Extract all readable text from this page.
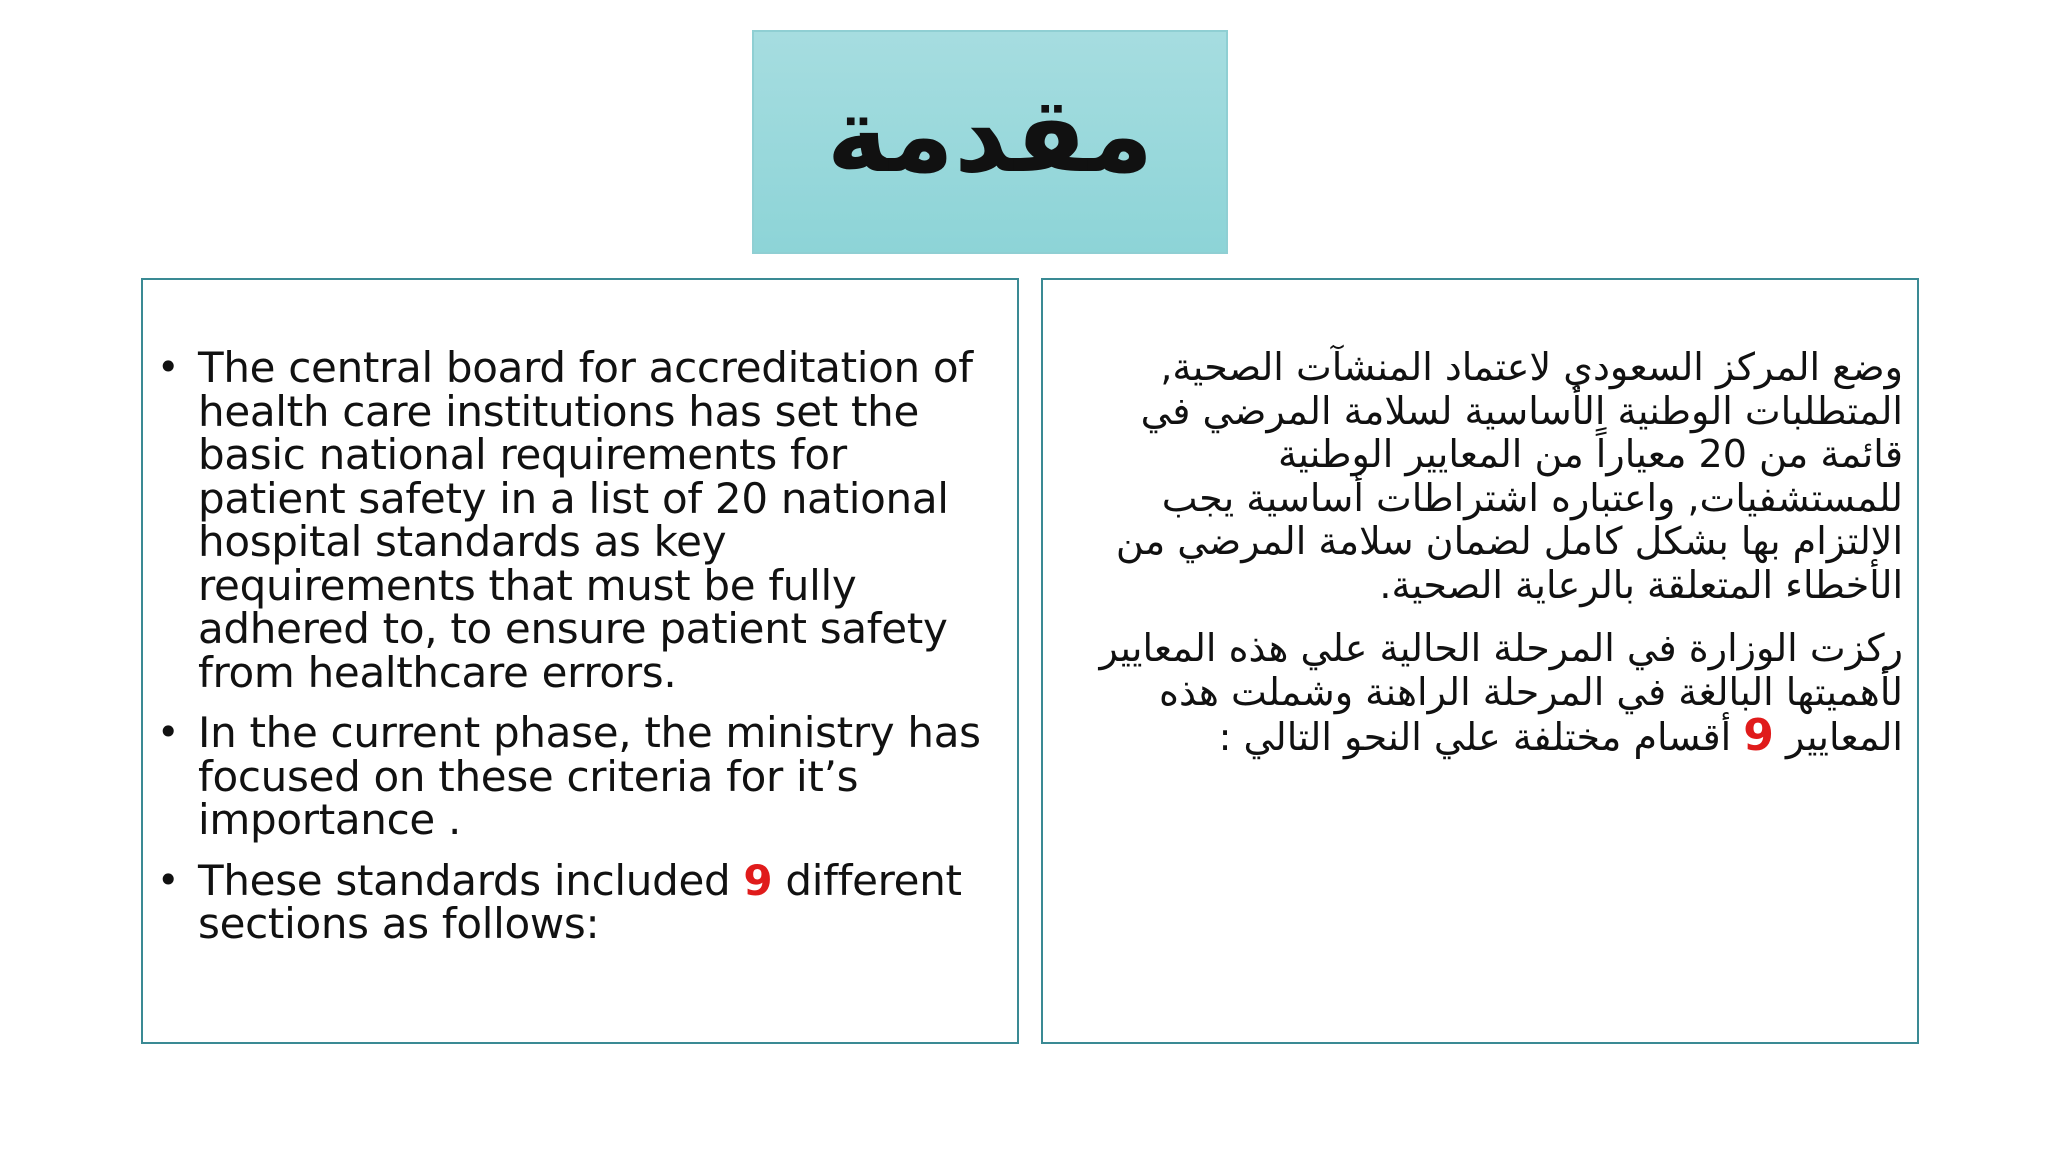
مقدمة
• The central board for accreditation of health care institutions has set the basic national requirements for patient safety in a list of 20 national hospital standards as key requirements that must be fully adhered to, to ensure patient safety from healthcare errors.
• In the current phase, the ministry has focused on these criteria for it’s importance .
• These standards included 9 different sections as follows:

وضع المركز السعودي لاعتماد المنشآت الصحية, المتطلبات الوطنية الأساسية لسلامة المرضي في قائمة من 20 معياراً من المعايير الوطنية للمستشفيات, واعتباره اشتراطات أساسية يجب الالتزام بها بشكل كامل لضمان سلامة المرضي من الأخطاء المتعلقة بالرعاية الصحية.

ركزت الوزارة في المرحلة الحالية علي هذه المعايير لأهميتها البالغة في المرحلة الراهنة وشملت هذه المعايير 9 أقسام مختلفة علي النحو التالي :
